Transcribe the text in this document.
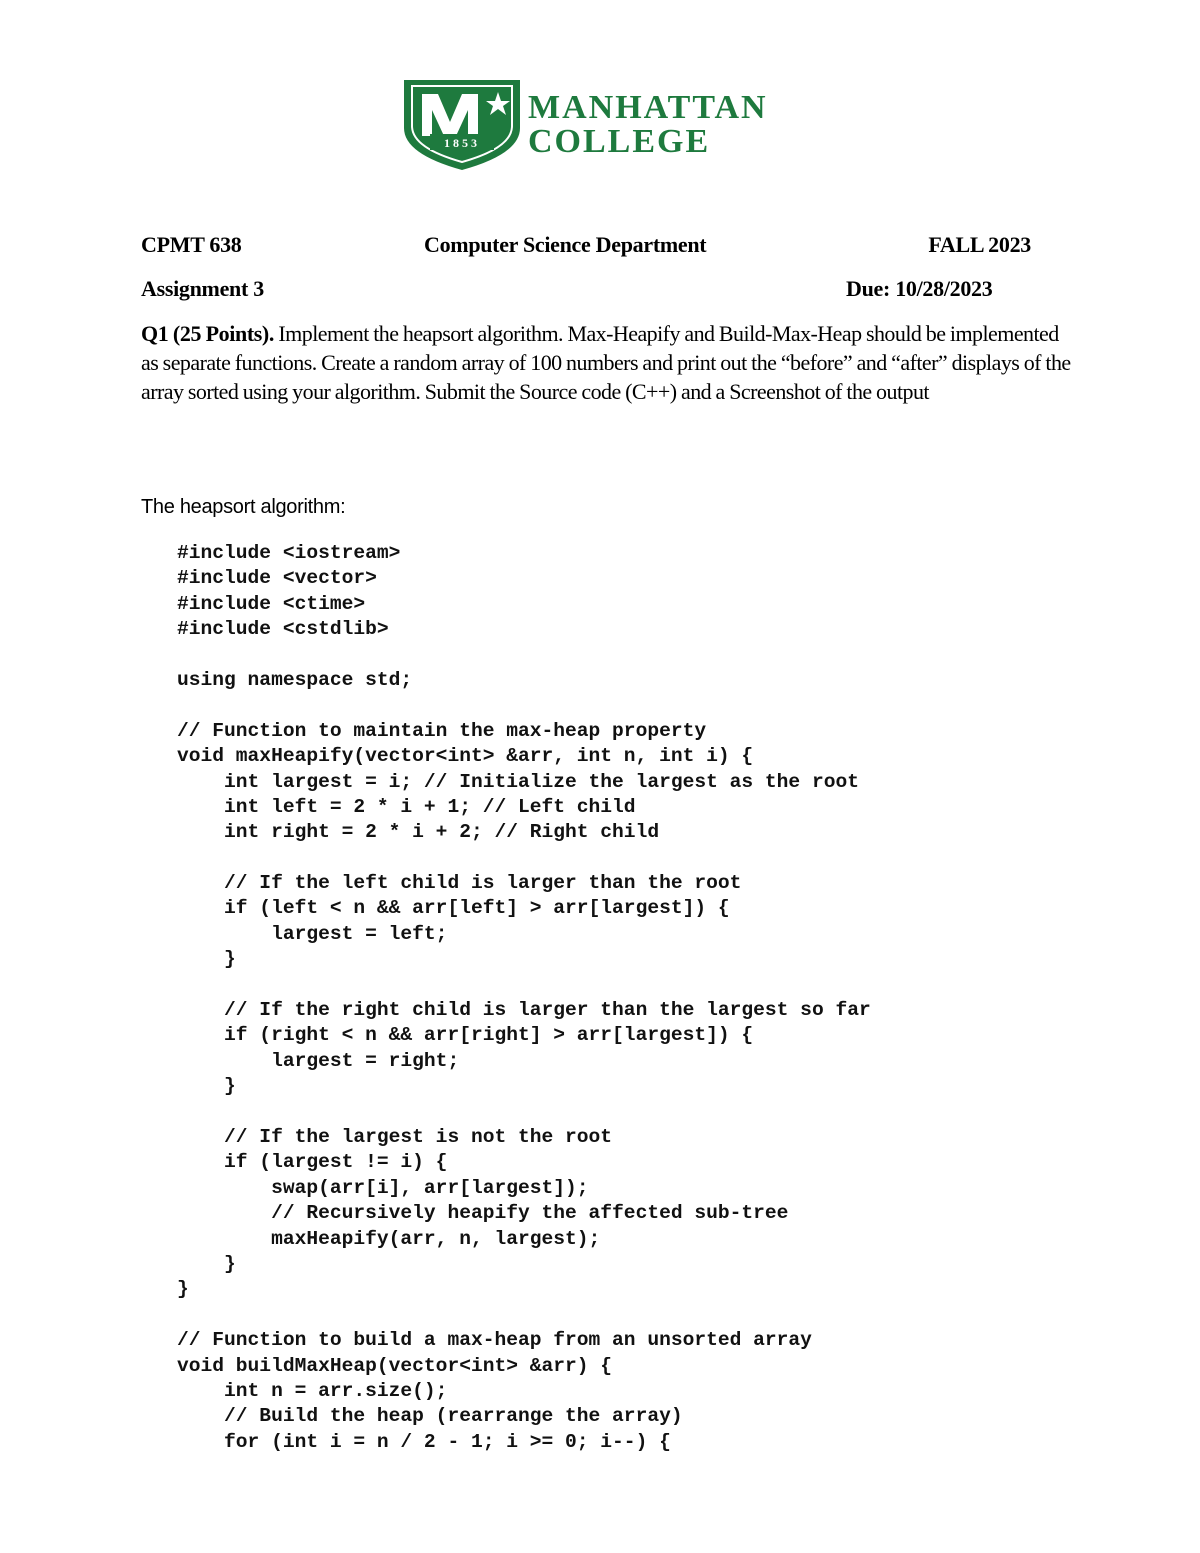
1853
MANHATTAN
COLLEGE
CPMT 638	Computer Science Department	FALL 2023
Assignment 3	Due: 10/28/2023
Q1 (25 Points). Implement the heapsort algorithm. Max-Heapify and Build-Max-Heap should be implemented as separate functions. Create a random array of 100 numbers and print out the “before” and “after” displays of the array sorted using your algorithm. Submit the Source code (C++) and a Screenshot of the output
The heapsort algorithm:
#include <iostream>
#include <vector>
#include <ctime>
#include <cstdlib>
using namespace std;
// Function to maintain the max-heap property
void maxHeapify(vector<int> &arr, int n, int i) {
int largest = i; // Initialize the largest as the root
int left = 2 * i + 1; // Left child
int right = 2 * i + 2; // Right child
// If the left child is larger than the root
if (left < n && arr[left] > arr[largest]) {
largest = left;
}
// If the right child is larger than the largest so far
if (right < n && arr[right] > arr[largest]) {
largest = right;
}
// If the largest is not the root
if (largest != i) {
swap(arr[i], arr[largest]);
// Recursively heapify the affected sub-tree
maxHeapify(arr, n, largest);
}
}
// Function to build a max-heap from an unsorted array
void buildMaxHeap(vector<int> &arr) {
int n = arr.size();
// Build the heap (rearrange the array)
for (int i = n / 2 - 1; i >= 0; i--) {
